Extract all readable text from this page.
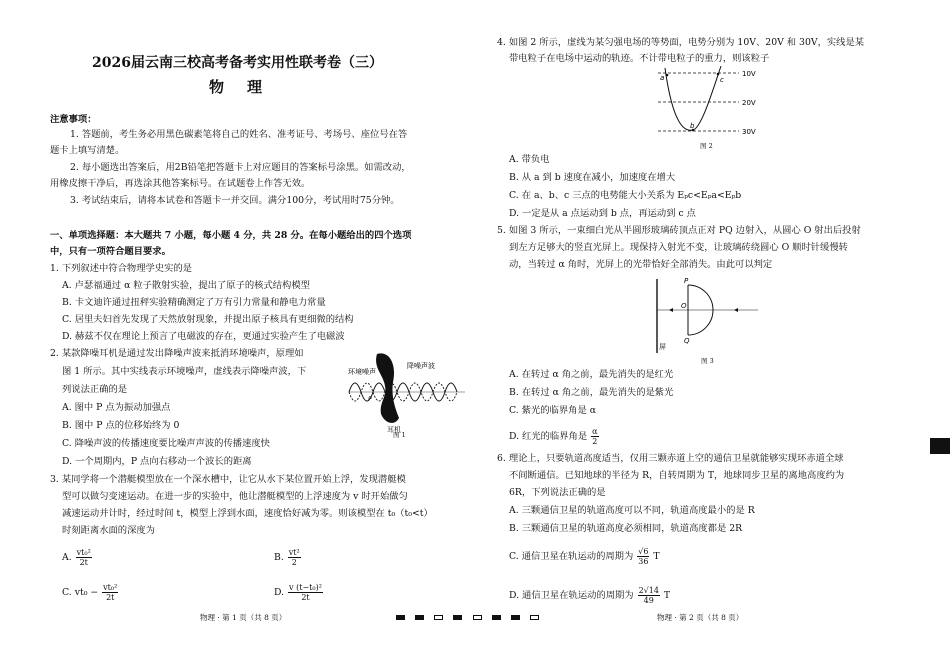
2026届云南三校高考备考实用性联考卷（三）
物　理
注意事项：
1. 答题前，考生务必用黑色碳素笔将自己的姓名、准考证号、考场号、座位号在答
题卡上填写清楚。
2. 每小题选出答案后，用2B铅笔把答题卡上对应题目的答案标号涂黑。如需改动，
用橡皮擦干净后，再选涂其他答案标号。在试题卷上作答无效。
3. 考试结束后，请将本试卷和答题卡一并交回。满分100分，考试用时75分钟。
一、单项选择题：本大题共 7 小题，每小题 4 分，共 28 分。在每小题给出的四个选项
中，只有一项符合题目要求。
1. 下列叙述中符合物理学史实的是
A. 卢瑟福通过 α 粒子散射实验，提出了原子的核式结构模型
B. 卡文迪许通过扭秤实验精确测定了万有引力常量和静电力常量
C. 居里夫妇首先发现了天然放射现象，并提出原子核具有更细微的结构
D. 赫兹不仅在理论上预言了电磁波的存在，更通过实验产生了电磁波
2. 某款降噪耳机是通过发出降噪声波来抵消环境噪声，原理如
图 1 所示。其中实线表示环境噪声，虚线表示降噪声波，下
列说法正确的是
A. 图中 P 点为振动加强点
B. 图中 P 点的位移始终为 0
C. 降噪声波的传播速度要比噪声声波的传播速度快
D. 一个周期内，P 点向右移动一个波长的距离
环境噪声
降噪声波
耳机
P
图 1
3. 某同学将一个潜艇模型放在一个深水槽中，让它从水下某位置开始上浮，发现潜艇模
型可以做匀变速运动。在进一步的实验中，他让潜艇模型的上浮速度为 v 时开始做匀
减速运动并计时，经过时间 t，模型上浮到水面，速度恰好减为零。则该模型在 t₀（t₀<t）
时刻距离水面的深度为
A. $\frac{\text{vt₀²}}{2t}$	B. $\frac{\text{vt²}}{2}$
C. $vt_0 - \frac{\text{vt₀²}}{2t}$	D. $\frac{\text{v (t−t₀)²}}{2t}$
物理 · 第 1 页（共 8 页）
4. 如图 2 所示，虚线为某匀强电场的等势面，电势分别为 10V、20V 和 30V，实线是某
带电粒子在电场中运动的轨迹。不计带电粒子的重力，则该粒子
10V
20V
30V
a
b
c
图 2
A. 带负电
B. 从 a 到 b 速度在减小，加速度在增大
C. 在 a、b、c 三点的电势能大小关系为 Eₚc<Eₚa<Eₚb
D. 一定是从 a 点运动到 b 点，再运动到 c 点
5. 如图 3 所示，一束细白光从半圆形玻璃砖顶点正对 PQ 边射入，从圆心 O 射出后投射
到左方足够大的竖直光屏上。现保持入射光不变，让玻璃砖绕圆心 O 顺时针缓慢转
动，当转过 α 角时，光屏上的光带恰好全部消失。由此可以判定
P
O
Q
屏
图 3
A. 在转过 α 角之前，最先消失的是红光
B. 在转过 α 角之前，最先消失的是紫光
C. 紫光的临界角是 α
D. 红光的临界角是 $\frac{\alpha}{2}$
6. 理论上，只要轨道高度适当，仅用三颗赤道上空的通信卫星就能够实现环赤道全球
不间断通信。已知地球的半径为 R，自转周期为 T，地球同步卫星的离地高度约为
6R，下列说法正确的是
A. 三颗通信卫星的轨道高度可以不同，轨道高度最小的是 R
B. 三颗通信卫星的轨道高度必须相同，轨道高度都是 2R
C. 通信卫星在轨运动的周期为 $\frac{√6}{36}$ T
D. 通信卫星在轨运动的周期为 $\frac{2√14}{49}$ T
物理 · 第 2 页（共 8 页）
